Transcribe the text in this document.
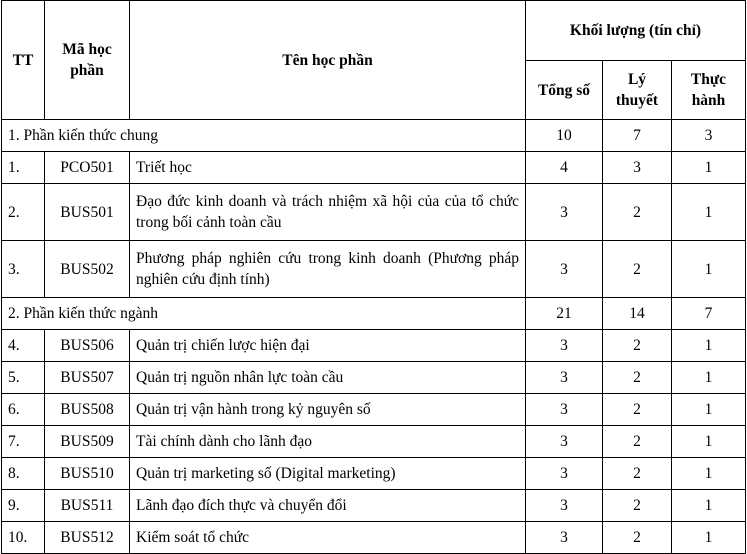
TT	Mã học phần	Tên học phần	Khối lượng (tín chỉ)		
			Tổng số	Lý thuyết	Thực hành
1. Phần kiến thức chung			10	7	3
1.	PCO501	Triết học	4	3	1
2.	BUS501	Đạo đức kinh doanh và trách nhiệm xã hội của của tổ chức trong bối cảnh toàn cầu	3	2	1
3.	BUS502	Phương pháp nghiên cứu trong kinh doanh (Phương pháp nghiên cứu định tính)	3	2	1
2. Phần kiến thức ngành			21	14	7
4.	BUS506	Quản trị chiến lược hiện đại	3	2	1
5.	BUS507	Quản trị nguồn nhân lực toàn cầu	3	2	1
6.	BUS508	Quản trị vận hành trong kỷ nguyên số	3	2	1
7.	BUS509	Tài chính dành cho lãnh đạo	3	2	1
8.	BUS510	Quản trị marketing số (Digital marketing)	3	2	1
9.	BUS511	Lãnh đạo đích thực và chuyển đổi	3	2	1
10.	BUS512	Kiểm soát tổ chức	3	2	1
